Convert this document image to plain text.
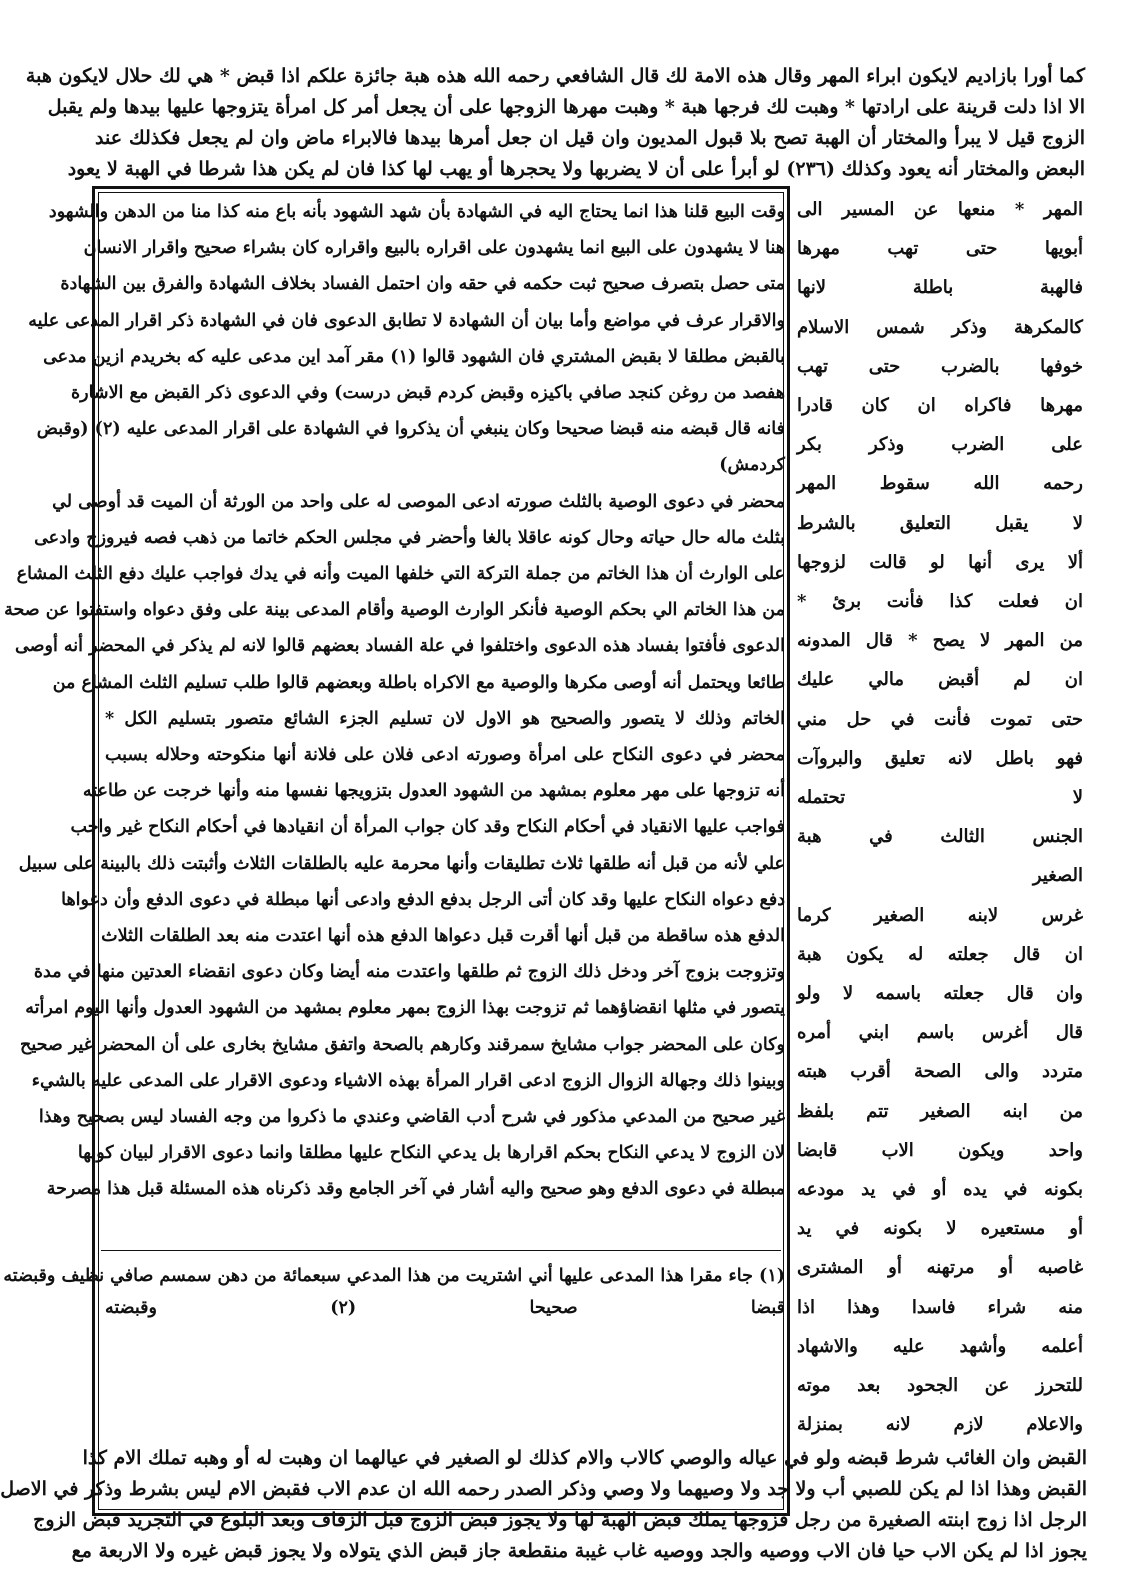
كما أورا بازاديم لايكون ابراء المهر وقال هذه الامة لك قال الشافعي رحمه الله هذه هبة جائزة علكم اذا قبض * هي لك حلال لايكون هبة
الا اذا دلت قرينة على ارادتها * وهبت لك فرجها هبة * وهبت مهرها الزوجها على أن يجعل أمر كل امرأة يتزوجها عليها بيدها ولم يقبل
الزوج قيل لا يبرأ والمختار أن الهبة تصح بلا قبول المديون وان قيل ان جعل أمرها بيدها فالابراء ماض وان لم يجعل فكذلك عند
البعض والمختار أنه يعود وكذلك (٢٣٦) لو أبرأ على أن لا يضربها ولا يحجرها أو يهب لها كذا فان لم يكن هذا شرطا في الهبة لا يعود
وقت البيع قلنا هذا انما يحتاج اليه في الشهادة بأن شهد الشهود بأنه باع منه كذا منا من الدهن والشهود
هنا لا يشهدون على البيع انما يشهدون على اقراره بالبيع واقراره كان بشراء صحيح واقرار الانسان
متى حصل بتصرف صحيح ثبت حكمه في حقه وان احتمل الفساد بخلاف الشهادة والفرق بين الشهادة
والاقرار عرف في مواضع وأما بيان أن الشهادة لا تطابق الدعوى فان في الشهادة ذكر اقرار المدعى عليه
بالقبض مطلقا لا بقبض المشتري فان الشهود قالوا (١) مقر آمد اين مدعى عليه كه بخريدم ازين مدعى
هفصد من روغن كنجد صافي باكيزه وقبض كردم قبض درست) وفي الدعوى ذكر القبض مع الاشارة
فانه قال قبضه منه قبضا صحيحا وكان ينبغي أن يذكروا في الشهادة على اقرار المدعى عليه (٢) (وقبض
كردمش)
محضر في دعوى الوصية بالثلث صورته ادعى الموصى له على واحد من الورثة أن الميت قد أوصى لي
بثلث ماله حال حياته وحال كونه عاقلا بالغا وأحضر في مجلس الحكم خاتما من ذهب فصه فيروزج وادعى
على الوارث أن هذا الخاتم من جملة التركة التي خلفها الميت وأنه في يدك فواجب عليك دفع الثلث المشاع
من هذا الخاتم الي بحكم الوصية فأنكر الوارث الوصية وأقام المدعى بينة على وفق دعواه واستفتوا عن صحة
الدعوى فأفتوا بفساد هذه الدعوى واختلفوا في علة الفساد بعضهم قالوا لانه لم يذكر في المحضر أنه أوصى
طائعا ويحتمل أنه أوصى مكرها والوصية مع الاكراه باطلة وبعضهم قالوا طلب تسليم الثلث المشاع من
الخاتم وذلك لا يتصور والصحيح هو الاول لان تسليم الجزء الشائع متصور بتسليم الكل *
محضر في دعوى النكاح على امرأة وصورته ادعى فلان على فلانة أنها منكوحته وحلاله بسبب
أنه تزوجها على مهر معلوم بمشهد من الشهود العدول بتزويجها نفسها منه وأنها خرجت عن طاعته
فواجب عليها الانقياد في أحكام النكاح وقد كان جواب المرأة أن انقيادها في أحكام النكاح غير واجب
علي لأنه من قبل أنه طلقها ثلاث تطليقات وأنها محرمة عليه بالطلقات الثلاث وأثبتت ذلك بالبينة على سبيل
دفع دعواه النكاح عليها وقد كان أتى الرجل بدفع الدفع وادعى أنها مبطلة في دعوى الدفع وأن دعواها
الدفع هذه ساقطة من قبل أنها أقرت قبل دعواها الدفع هذه أنها اعتدت منه بعد الطلقات الثلاث
وتزوجت بزوج آخر ودخل ذلك الزوج ثم طلقها واعتدت منه أيضا وكان دعوى انقضاء العدتين منها في مدة
يتصور في مثلها انقضاؤهما ثم تزوجت بهذا الزوج بمهر معلوم بمشهد من الشهود العدول وأنها اليوم امرأته
وكان على المحضر جواب مشايخ سمرقند وكارهم بالصحة واتفق مشايخ بخارى على أن المحضر غير صحيح
وبينوا ذلك وجهالة الزوال الزوج ادعى اقرار المرأة بهذه الاشياء ودعوى الاقرار على المدعى عليه بالشيء
غير صحيح من المدعي مذكور في شرح أدب القاضي وعندي ما ذكروا من وجه الفساد ليس بصحيح وهذا
لان الزوج لا يدعي النكاح بحكم اقرارها بل يدعي النكاح عليها مطلقا وانما دعوى الاقرار لبيان كونها
مبطلة في دعوى الدفع وهو صحيح واليه أشار في آخر الجامع وقد ذكرناه هذه المسئلة قبل هذا مصرحة
(١) جاء مقرا هذا المدعى عليها أني اشتريت من هذا المدعي سبعمائة من دهن سمسم صافي نظيف وقبضته
قبضا صحيحا (٢) وقبضته
المهر * منعها عن المسير الى
أبويها حتى تهب مهرها
فالهبة باطلة لانها
كالمكرهة وذكر شمس الاسلام
خوفها بالضرب حتى تهب
مهرها فاكراه ان كان قادرا
على الضرب وذكر بكر
رحمه الله سقوط المهر
لا يقبل التعليق بالشرط
ألا يرى أنها لو قالت لزوجها
ان فعلت كذا فأنت برئ *
من المهر لا يصح * قال المدونه
ان لم أقبض مالي عليك
حتى تموت فأنت في حل مني
فهو باطل لانه تعليق والبروآت
لا تحتمله
الجنس الثالث في هبة
الصغير
غرس لابنه الصغير كرما
ان قال جعلته له يكون هبة
وان قال جعلته باسمه لا ولو
قال أغرس باسم ابني أمره
متردد والى الصحة أقرب هبته
من ابنه الصغير تتم بلفظ
واحد ويكون الاب قابضا
بكونه في يده أو في يد مودعه
أو مستعيره لا بكونه في يد
غاصبه أو مرتهنه أو المشترى
منه شراء فاسدا وهذا اذا
أعلمه وأشهد عليه والاشهاد
للتحرز عن الجحود بعد موته
والاعلام لازم لانه بمنزلة
القبض وان الغائب شرط قبضه ولو في عياله والوصي كالاب والام كذلك لو الصغير في عيالهما ان وهبت له أو وهبه تملك الام كذا
القبض وهذا اذا لم يكن للصبي أب ولا جد ولا وصيهما ولا وصي وذكر الصدر رحمه الله ان عدم الاب فقبض الام ليس بشرط وذكر في الاصل
الرجل اذا زوج ابنته الصغيرة من رجل فزوجها يملك قبض الهبة لها ولا يجوز قبض الزوج قبل الزفاف وبعد البلوغ في التجريد قبض الزوج
يجوز اذا لم يكن الاب حيا فان الاب ووصيه والجد ووصيه غاب غيبة منقطعة جاز قبض الذي يتولاه ولا يجوز قبض غيره ولا الاربعة مع
